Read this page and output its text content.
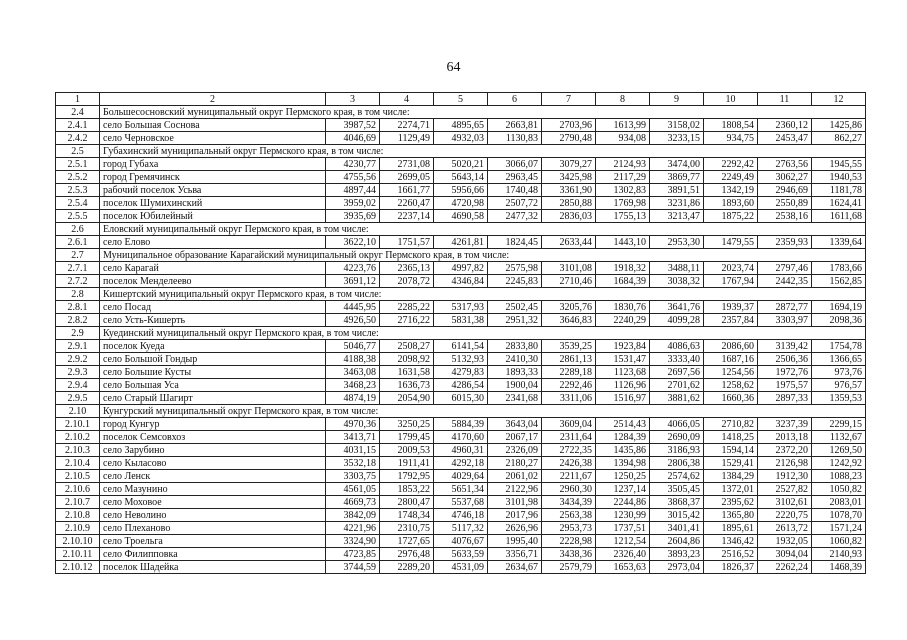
64
1	2	3	4	5	6	7	8	9	10	11	12
2.4	Большесосновский муниципальный округ Пермского края, в том числе:										
2.4.1	село Большая Соснова	3987,52	2274,71	4895,65	2663,81	2703,96	1613,99	3158,02	1808,54	2360,12	1425,86
2.4.2	село Черновское	4046,69	1129,49	4932,03	1130,83	2790,48	934,08	3233,15	934,75	2453,47	862,27
2.5	Губахинский муниципальный округ Пермского края, в том числе:										
2.5.1	город Губаха	4230,77	2731,08	5020,21	3066,07	3079,27	2124,93	3474,00	2292,42	2763,56	1945,55
2.5.2	город Гремячинск	4755,56	2699,05	5643,14	2963,45	3425,98	2117,29	3869,77	2249,49	3062,27	1940,53
2.5.3	рабочий поселок Усьва	4897,44	1661,77	5956,66	1740,48	3361,90	1302,83	3891,51	1342,19	2946,69	1181,78
2.5.4	поселок Шумихинский	3959,02	2260,47	4720,98	2507,72	2850,88	1769,98	3231,86	1893,60	2550,89	1624,41
2.5.5	поселок Юбилейный	3935,69	2237,14	4690,58	2477,32	2836,03	1755,13	3213,47	1875,22	2538,16	1611,68
2.6	Еловский муниципальный округ Пермского края, в том числе:										
2.6.1	село Елово	3622,10	1751,57	4261,81	1824,45	2633,44	1443,10	2953,30	1479,55	2359,93	1339,64
2.7	Муниципальное образование Карагайский муниципальный округ Пермского края, в том числе:										
2.7.1	село Карагай	4223,76	2365,13	4997,82	2575,98	3101,08	1918,32	3488,11	2023,74	2797,46	1783,66
2.7.2	поселок Менделеево	3691,12	2078,72	4346,84	2245,83	2710,46	1684,39	3038,32	1767,94	2442,35	1562,85
2.8	Кишертский муниципальный округ Пермского края, в том числе:										
2.8.1	село Посад	4445,95	2285,22	5317,93	2502,45	3205,76	1830,76	3641,76	1939,37	2872,77	1694,19
2.8.2	село Усть-Кишерть	4926,50	2716,22	5831,38	2951,32	3646,83	2240,29	4099,28	2357,84	3303,97	2098,36
2.9	Куединский муниципальный округ Пермского края, в том числе:										
2.9.1	поселок Куеда	5046,77	2508,27	6141,54	2833,80	3539,25	1923,84	4086,63	2086,60	3139,42	1754,78
2.9.2	село Большой Гондыр	4188,38	2098,92	5132,93	2410,30	2861,13	1531,47	3333,40	1687,16	2506,36	1366,65
2.9.3	село Большие Кусты	3463,08	1631,58	4279,83	1893,33	2289,18	1123,68	2697,56	1254,56	1972,76	973,76
2.9.4	село Большая Уса	3468,23	1636,73	4286,54	1900,04	2292,46	1126,96	2701,62	1258,62	1975,57	976,57
2.9.5	село Старый Шагирт	4874,19	2054,90	6015,30	2341,68	3311,06	1516,97	3881,62	1660,36	2897,33	1359,53
2.10	Кунгурский муниципальный округ Пермского края, в том числе:										
2.10.1	город Кунгур	4970,36	3250,25	5884,39	3643,04	3609,04	2514,43	4066,05	2710,82	3237,39	2299,15
2.10.2	поселок Семсовхоз	3413,71	1799,45	4170,60	2067,17	2311,64	1284,39	2690,09	1418,25	2013,18	1132,67
2.10.3	село Зарубино	4031,15	2009,53	4960,31	2326,09	2722,35	1435,86	3186,93	1594,14	2372,20	1269,50
2.10.4	село Кыласово	3532,18	1911,41	4292,18	2180,27	2426,38	1394,98	2806,38	1529,41	2126,98	1242,92
2.10.5	село Ленск	3303,75	1792,95	4029,64	2061,02	2211,67	1250,25	2574,62	1384,29	1912,30	1088,23
2.10.6	село Мазунино	4561,05	1853,22	5651,34	2122,96	2960,30	1237,14	3505,45	1372,01	2527,82	1050,82
2.10.7	село Моховое	4669,73	2800,47	5537,68	3101,98	3434,39	2244,86	3868,37	2395,62	3102,61	2083,01
2.10.8	село Неволино	3842,09	1748,34	4746,18	2017,96	2563,38	1230,99	3015,42	1365,80	2220,75	1078,70
2.10.9	село Плеханово	4221,96	2310,75	5117,32	2626,96	2953,73	1737,51	3401,41	1895,61	2613,72	1571,24
2.10.10	село Троельга	3324,90	1727,65	4076,67	1995,40	2228,98	1212,54	2604,86	1346,42	1932,05	1060,82
2.10.11	село Филипповка	4723,85	2976,48	5633,59	3356,71	3438,36	2326,40	3893,23	2516,52	3094,04	2140,93
2.10.12	поселок Шадейка	3744,59	2289,20	4531,09	2634,67	2579,79	1653,63	2973,04	1826,37	2262,24	1468,39
